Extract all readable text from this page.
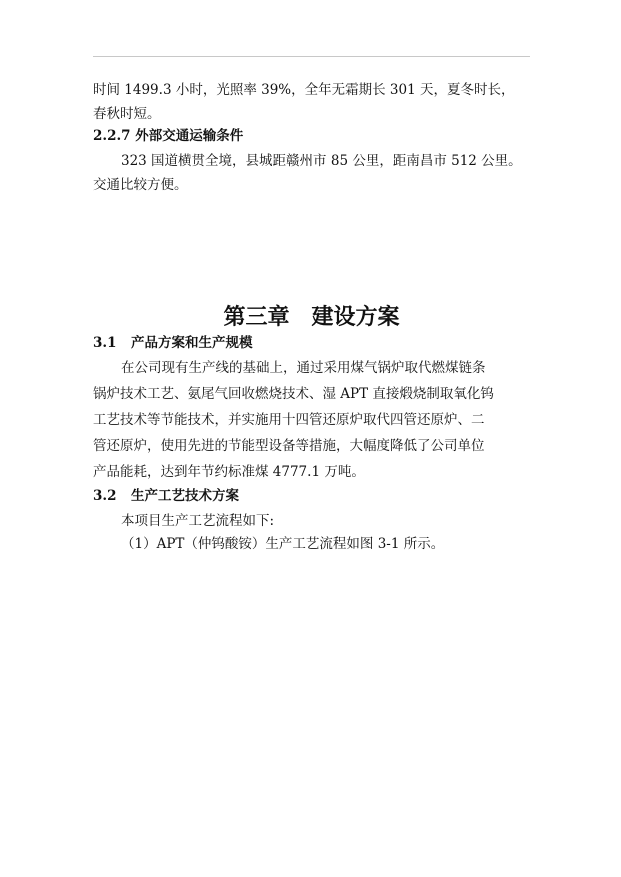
时间 1499.3 小时，光照率 39%，全年无霜期长 301 天，夏冬时长，
春秋时短。
2.2.7 外部交通运输条件
323 国道横贯全境，县城距赣州市 85 公里，距南昌市 512 公里。
交通比较方便。
第三章 建设方案
3.1 产品方案和生产规模
在公司现有生产线的基础上，通过采用煤气锅炉取代燃煤链条
锅炉技术工艺、氨尾气回收燃烧技术、湿 APT 直接煅烧制取氧化钨
工艺技术等节能技术，并实施用十四管还原炉取代四管还原炉、二
管还原炉，使用先进的节能型设备等措施，大幅度降低了公司单位
产品能耗，达到年节约标准煤 4777.1 万吨。
3.2 生产工艺技术方案
本项目生产工艺流程如下:
（1）APT（仲钨酸铵）生产工艺流程如图 3-1 所示。
